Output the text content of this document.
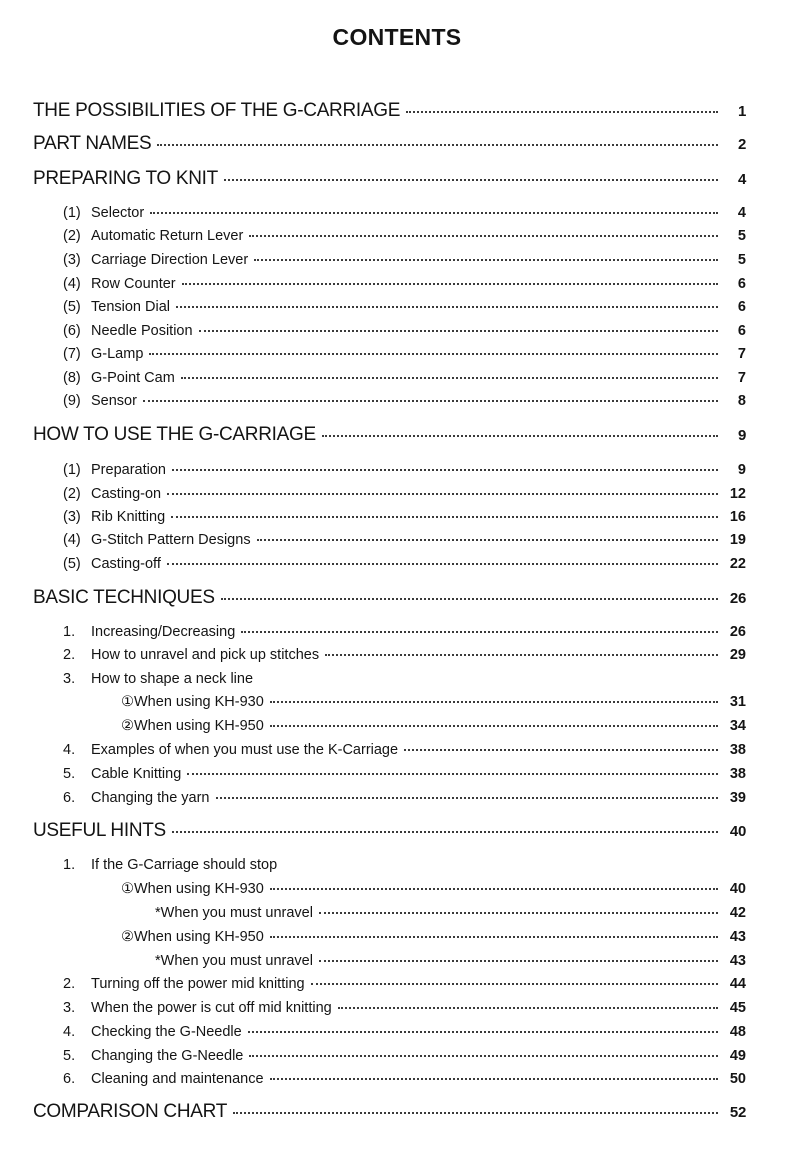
CONTENTS
THE POSSIBILITIES OF THE G-CARRIAGE	1
PART NAMES	2
PREPARING TO KNIT	4
(1) Selector	4
(2) Automatic Return Lever	5
(3) Carriage Direction Lever	5
(4) Row Counter	6
(5) Tension Dial	6
(6) Needle Position	6
(7) G-Lamp	7
(8) G-Point Cam	7
(9) Sensor	8
HOW TO USE THE G-CARRIAGE	9
(1) Preparation	9
(2) Casting-on	12
(3) Rib Knitting	16
(4) G-Stitch Pattern Designs	19
(5) Casting-off	22
BASIC TECHNIQUES	26
1.	Increasing/Decreasing	26
2.	How to unravel and pick up stitches	29
3.	How to shape a neck line
①When using KH-930	31
②When using KH-950	34
4.	Examples of when you must use the K-Carriage	38
5.	Cable Knitting	38
6.	Changing the yarn	39
USEFUL HINTS	40
1.	If the G-Carriage should stop
①When using KH-930	40
*When you must unravel	42
②When using KH-950	43
*When you must unravel	43
2.	Turning off the power mid knitting	44
3.	When the power is cut off mid knitting	45
4.	Checking the G-Needle	48
5.	Changing the G-Needle	49
6.	Cleaning and maintenance	50
COMPARISON CHART	52
